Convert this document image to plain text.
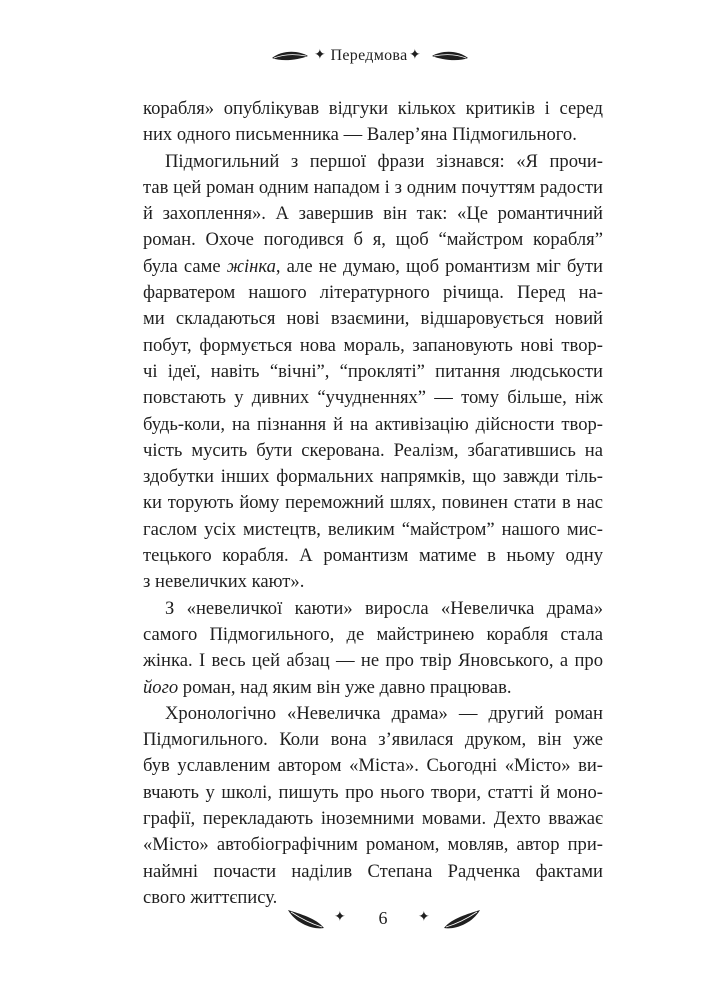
✦ Передмова ✦
корабля» опублікував відгуки кількох критиків і серед
них одного письменника — Валер’яна Підмогильного.
Підмогильний з першої фрази зізнався: «Я прочи-
тав цей роман одним нападом і з одним почуттям радости
й захоплення». А завершив він так: «Це романтичний
роман. Охоче погодився б я, щоб “майстром корабля”
була саме жінка, але не думаю, щоб романтизм міг бути
фарватером нашого літературного річища. Перед на-
ми складаються нові взаємини, відшаровується новий
побут, формується нова мораль, запановують нові твор-
чі ідеї, навіть “вічні”, “прокляті” питання людськости
повстають у дивних “учудненнях” — тому більше, ніж
будь-коли, на пізнання й на активізацію дійсности твор-
чість мусить бути скерована. Реалізм, збагатившись на
здобутки інших формальних напрямків, що завжди тіль-
ки торують йому переможний шлях, повинен стати в нас
гаслом усіх мистецтв, великим “майстром” нашого мис-
тецького корабля. А романтизм матиме в ньому одну
з невеличких кают».
З «невеличкої каюти» виросла «Невеличка драма»
самого Підмогильного, де майстринею корабля стала
жінка. І весь цей абзац — не про твір Яновського, а про
його роман, над яким він уже давно працював.
Хронологічно «Невеличка драма» — другий роман
Підмогильного. Коли вона з’явилася друком, він уже
був уславленим автором «Міста». Сьогодні «Місто» ви-
вчають у школі, пишуть про нього твори, статті й моно-
графії, перекладають іноземними мовами. Дехто вважає
«Місто» автобіографічним романом, мовляв, автор при-
наймні почасти наділив Степана Радченка фактами
свого життєпису.
✦	6	✦
